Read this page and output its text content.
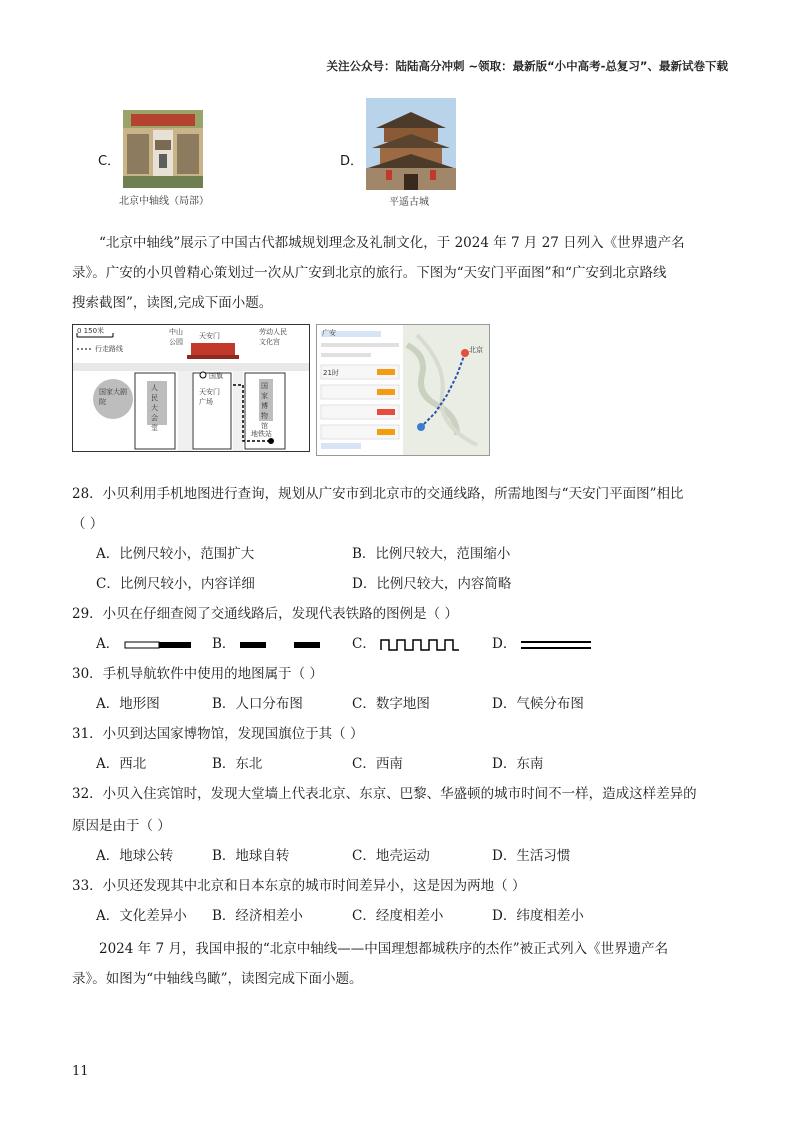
关注公众号：陆陆高分冲刺 ~领取：最新版“小中高考-总复习”、最新试卷下载
C．
北京中轴线（局部）
D．
平遥古城
“北京中轴线”展示了中国古代都城规划理念及礼制文化，于 2024 年 7 月 27 日列入《世界遗产名
录》。广安的小贝曾精心策划过一次从广安到北京的旅行。下图为“天安门平面图”和“广安到北京路线
搜索截图”，读图,完成下面小题。
0 150米
行走路线
中山
公园
天安门	劳动人民
文化宫
国家大剧院
人民大会堂
国旗
天安门
广场
国家博物馆
地铁站
广安
北京
21时
28．小贝利用手机地图进行查询，规划从广安市到北京市的交通线路，所需地图与“天安门平面图”相比
（ ）
A．比例尺较小，范围扩大	B．比例尺较大，范围缩小
C．比例尺较小，内容详细	D．比例尺较大，内容简略
29．小贝在仔细查阅了交通线路后，发现代表铁路的图例是（ ）
A．	B．	C．	D．
30．手机导航软件中使用的地图属于（ ）
A．地形图	B．人口分布图	C．数字地图	D．气候分布图
31．小贝到达国家博物馆，发现国旗位于其（ ）
A．西北	B．东北	C．西南	D．东南
32．小贝入住宾馆时，发现大堂墙上代表北京、东京、巴黎、华盛顿的城市时间不一样，造成这样差异的
原因是由于（ ）
A．地球公转	B．地球自转	C．地壳运动	D．生活习惯
33．小贝还发现其中北京和日本东京的城市时间差异小，这是因为两地（ ）
A．文化差异小 B．经济相差小	C．经度相差小	D．纬度相差小
2024 年 7 月，我国申报的“北京中轴线——中国理想都城秩序的杰作”被正式列入《世界遗产名
录》。如图为“中轴线鸟瞰”，读图完成下面小题。
11
